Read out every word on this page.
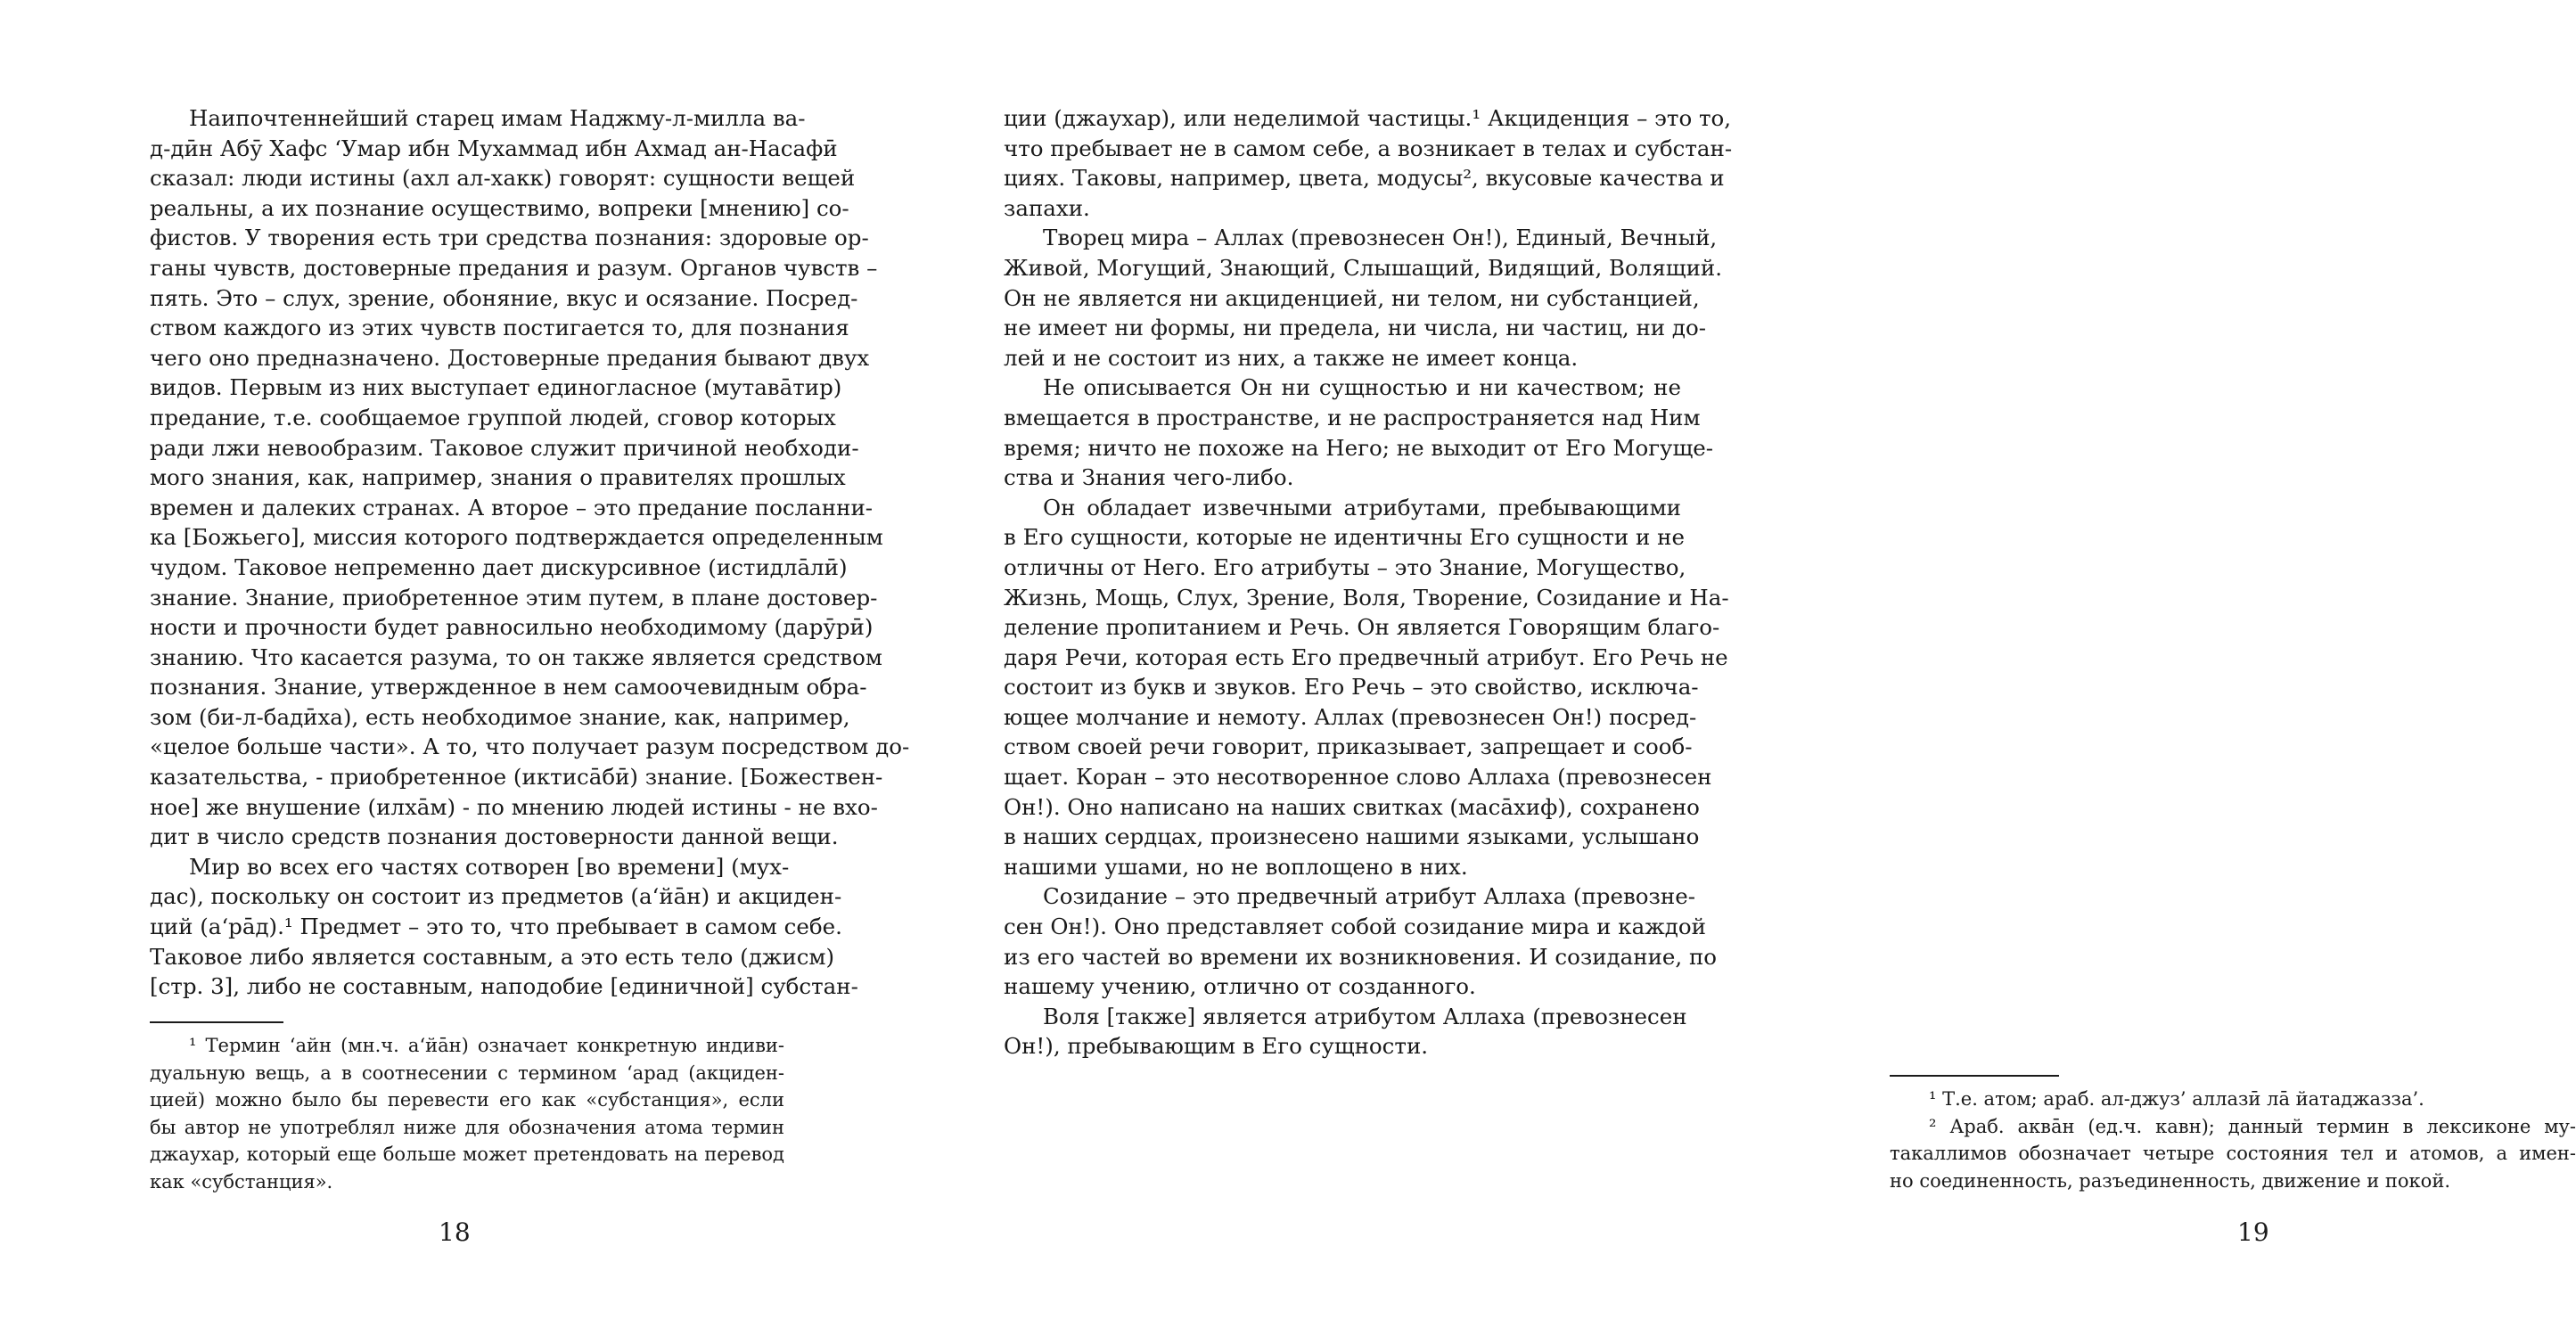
Наипочтеннейший старец имам Наджму-л-милла ва-
д-дӣн Абӯ Хафс ‘Умар ибн Мухаммад ибн Ахмад ан-Насафӣ
сказал: люди истины (ахл ал-хакк) говорят: сущности вещей
реальны, а их познание осуществимо, вопреки [мнению] со-
фистов. У творения есть три средства познания: здоровые ор-
ганы чувств, достоверные предания и разум. Органов чувств –
пять. Это – слух, зрение, обоняние, вкус и осязание. Посред-
ством каждого из этих чувств постигается то, для познания
чего оно предназначено. Достоверные предания бывают двух
видов. Первым из них выступает единогласное (мутава̄тир)
предание, т.е. сообщаемое группой людей, сговор которых
ради лжи невообразим. Таковое служит причиной необходи-
мого знания, как, например, знания о правителях прошлых
времен и далеких странах. А второе – это предание посланни-
ка [Божьего], миссия которого подтверждается определенным
чудом. Таковое непременно дает дискурсивное (истидла̄лӣ)
знание. Знание, приобретенное этим путем, в плане достовер-
ности и прочности будет равносильно необходимому (дарӯрӣ)
знанию. Что касается разума, то он также является средством
познания. Знание, утвержденное в нем самоочевидным обра-
зом (би-л-бадӣха), есть необходимое знание, как, например,
«целое больше части». А то, что получает разум посредством до-
казательства, - приобретенное (иктиса̄бӣ) знание. [Божествен-
ное] же внушение (илха̄м) - по мнению людей истины - не вхо-
дит в число средств познания достоверности данной вещи.
Мир во всех его частях сотворен [во времени] (мух-
дас), поскольку он состоит из предметов (а‘йа̄н) и акциден-
ций (а‘ра̄д).¹ Предмет – это то, что пребывает в самом себе.
Таковое либо является составным, а это есть тело (джисм)
[стр. 3], либо не составным, наподобие [единичной] субстан-
¹ Термин ‘айн (мн.ч. а‘йа̄н) означает конкретную индиви-
дуальную вещь, а в соотнесении с термином ‘арад (акциден-
цией) можно было бы перевести его как «субстанция», если
бы автор не употреблял ниже для обозначения атома термин
джаухар, который еще больше может претендовать на перевод
как «субстанция».
18
ции (джаухар), или неделимой частицы.¹ Акциденция – это то,
что пребывает не в самом себе, а возникает в телах и субстан-
циях. Таковы, например, цвета, модусы², вкусовые качества и
запахи.
Творец мира – Аллах (превознесен Он!), Единый, Вечный,
Живой, Могущий, Знающий, Слышащий, Видящий, Волящий.
Он не является ни акциденцией, ни телом, ни субстанцией,
не имеет ни формы, ни предела, ни числа, ни частиц, ни до-
лей и не состоит из них, а также не имеет конца.
Не описывается Он ни сущностью и ни качеством; не
вмещается в пространстве, и не распространяется над Ним
время; ничто не похоже на Него; не выходит от Его Могуще-
ства и Знания чего-либо.
Он обладает извечными атрибутами, пребывающими
в Его сущности, которые не идентичны Его сущности и не
отличны от Него. Его атрибуты – это Знание, Могущество,
Жизнь, Мощь, Слух, Зрение, Воля, Творение, Созидание и На-
деление пропитанием и Речь. Он является Говорящим благо-
даря Речи, которая есть Его предвечный атрибут. Его Речь не
состоит из букв и звуков. Его Речь – это свойство, исключа-
ющее молчание и немоту. Аллах (превознесен Он!) посред-
ством своей речи говорит, приказывает, запрещает и сооб-
щает. Коран – это несотворенное слово Аллаха (превознесен
Он!). Оно написано на наших свитках (маса̄хиф), сохранено
в наших сердцах, произнесено нашими языками, услышано
нашими ушами, но не воплощено в них.
Созидание – это предвечный атрибут Аллаха (превозне-
сен Он!). Оно представляет собой созидание мира и каждой
из его частей во времени их возникновения. И созидание, по
нашему учению, отлично от созданного.
Воля [также] является атрибутом Аллаха (превознесен
Он!), пребывающим в Его сущности.
¹ Т.е. атом; араб. ал-джуз’ аллазӣ ла̄ йатаджазза’.
² Араб. аква̄н (ед.ч. кавн); данный термин в лексиконе му-
такаллимов обозначает четыре состояния тел и атомов, а имен-
но соединенность, разъединенность, движение и покой.
19
